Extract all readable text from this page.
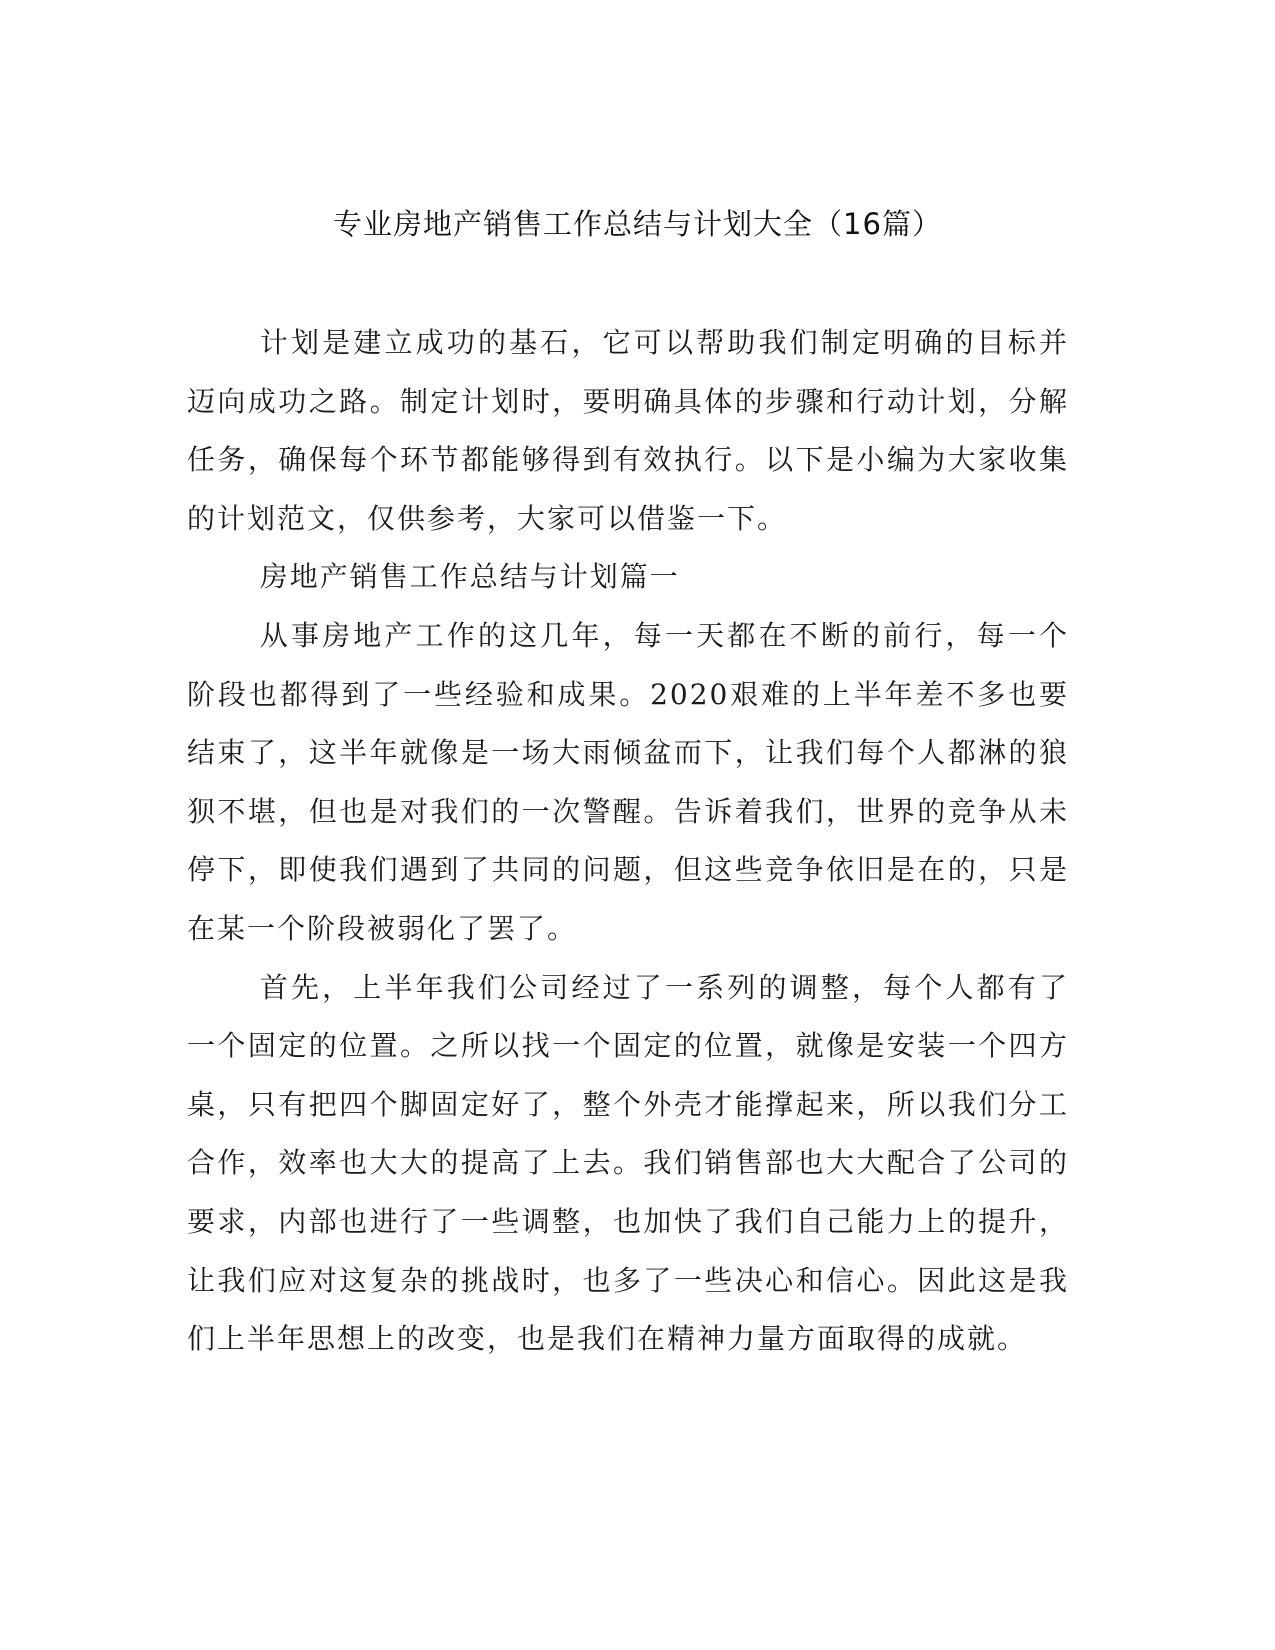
专业房地产销售工作总结与计划大全（16篇）

计划是建立成功的基石，它可以帮助我们制定明确的目标并迈向成功之路。制定计划时，要明确具体的步骤和行动计划，分解任务，确保每个环节都能够得到有效执行。以下是小编为大家收集的计划范文，仅供参考，大家可以借鉴一下。

房地产销售工作总结与计划篇一

从事房地产工作的这几年，每一天都在不断的前行，每一个阶段也都得到了一些经验和成果。2020艰难的上半年差不多也要结束了，这半年就像是一场大雨倾盆而下，让我们每个人都淋的狼狈不堪，但也是对我们的一次警醒。告诉着我们，世界的竞争从未停下，即使我们遇到了共同的问题，但这些竞争依旧是在的，只是在某一个阶段被弱化了罢了。

首先，上半年我们公司经过了一系列的调整，每个人都有了一个固定的位置。之所以找一个固定的位置，就像是安装一个四方桌，只有把四个脚固定好了，整个外壳才能撑起来，所以我们分工合作，效率也大大的提高了上去。我们销售部也大大配合了公司的要求，内部也进行了一些调整，也加快了我们自己能力上的提升，让我们应对这复杂的挑战时，也多了一些决心和信心。因此这是我们上半年思想上的改变，也是我们在精神力量方面取得的成就。
